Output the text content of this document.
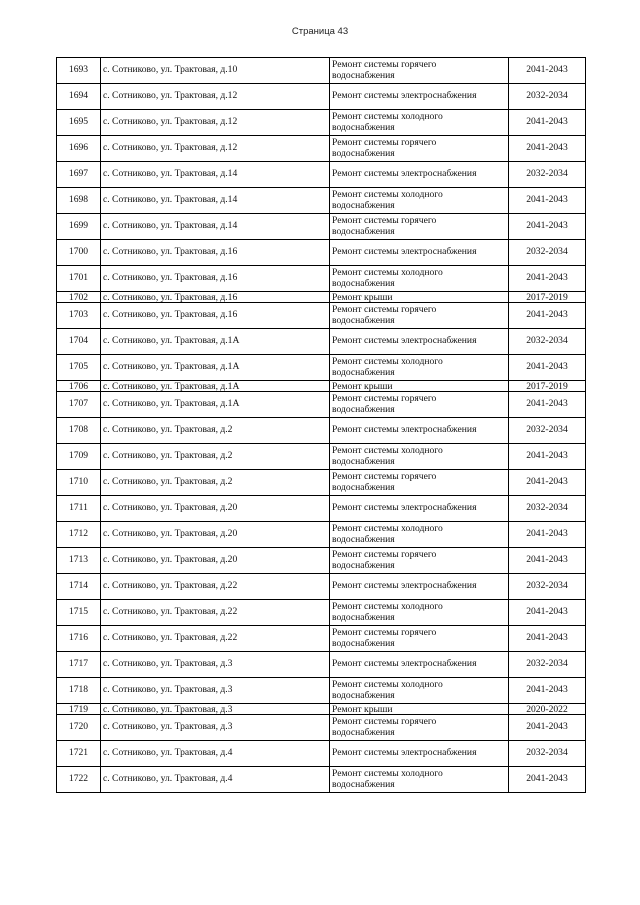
Страница 43
1693	с. Сотниково, ул. Трактовая, д.10	Ремонт системы горячего
водоснабжения	2041-2043
1694	с. Сотниково, ул. Трактовая, д.12	Ремонт системы электроснабжения	2032-2034
1695	с. Сотниково, ул. Трактовая, д.12	Ремонт системы холодного
водоснабжения	2041-2043
1696	с. Сотниково, ул. Трактовая, д.12	Ремонт системы горячего
водоснабжения	2041-2043
1697	с. Сотниково, ул. Трактовая, д.14	Ремонт системы электроснабжения	2032-2034
1698	с. Сотниково, ул. Трактовая, д.14	Ремонт системы холодного
водоснабжения	2041-2043
1699	с. Сотниково, ул. Трактовая, д.14	Ремонт системы горячего
водоснабжения	2041-2043
1700	с. Сотниково, ул. Трактовая, д.16	Ремонт системы электроснабжения	2032-2034
1701	с. Сотниково, ул. Трактовая, д.16	Ремонт системы холодного
водоснабжения	2041-2043
1702	с. Сотниково, ул. Трактовая, д.16	Ремонт крыши	2017-2019
1703	с. Сотниково, ул. Трактовая, д.16	Ремонт системы горячего
водоснабжения	2041-2043
1704	с. Сотниково, ул. Трактовая, д.1А	Ремонт системы электроснабжения	2032-2034
1705	с. Сотниково, ул. Трактовая, д.1А	Ремонт системы холодного
водоснабжения	2041-2043
1706	с. Сотниково, ул. Трактовая, д.1А	Ремонт крыши	2017-2019
1707	с. Сотниково, ул. Трактовая, д.1А	Ремонт системы горячего
водоснабжения	2041-2043
1708	с. Сотниково, ул. Трактовая, д.2	Ремонт системы электроснабжения	2032-2034
1709	с. Сотниково, ул. Трактовая, д.2	Ремонт системы холодного
водоснабжения	2041-2043
1710	с. Сотниково, ул. Трактовая, д.2	Ремонт системы горячего
водоснабжения	2041-2043
1711	с. Сотниково, ул. Трактовая, д.20	Ремонт системы электроснабжения	2032-2034
1712	с. Сотниково, ул. Трактовая, д.20	Ремонт системы холодного
водоснабжения	2041-2043
1713	с. Сотниково, ул. Трактовая, д.20	Ремонт системы горячего
водоснабжения	2041-2043
1714	с. Сотниково, ул. Трактовая, д.22	Ремонт системы электроснабжения	2032-2034
1715	с. Сотниково, ул. Трактовая, д.22	Ремонт системы холодного
водоснабжения	2041-2043
1716	с. Сотниково, ул. Трактовая, д.22	Ремонт системы горячего
водоснабжения	2041-2043
1717	с. Сотниково, ул. Трактовая, д.3	Ремонт системы электроснабжения	2032-2034
1718	с. Сотниково, ул. Трактовая, д.3	Ремонт системы холодного
водоснабжения	2041-2043
1719	с. Сотниково, ул. Трактовая, д.3	Ремонт крыши	2020-2022
1720	с. Сотниково, ул. Трактовая, д.3	Ремонт системы горячего
водоснабжения	2041-2043
1721	с. Сотниково, ул. Трактовая, д.4	Ремонт системы электроснабжения	2032-2034
1722	с. Сотниково, ул. Трактовая, д.4	Ремонт системы холодного
водоснабжения	2041-2043
